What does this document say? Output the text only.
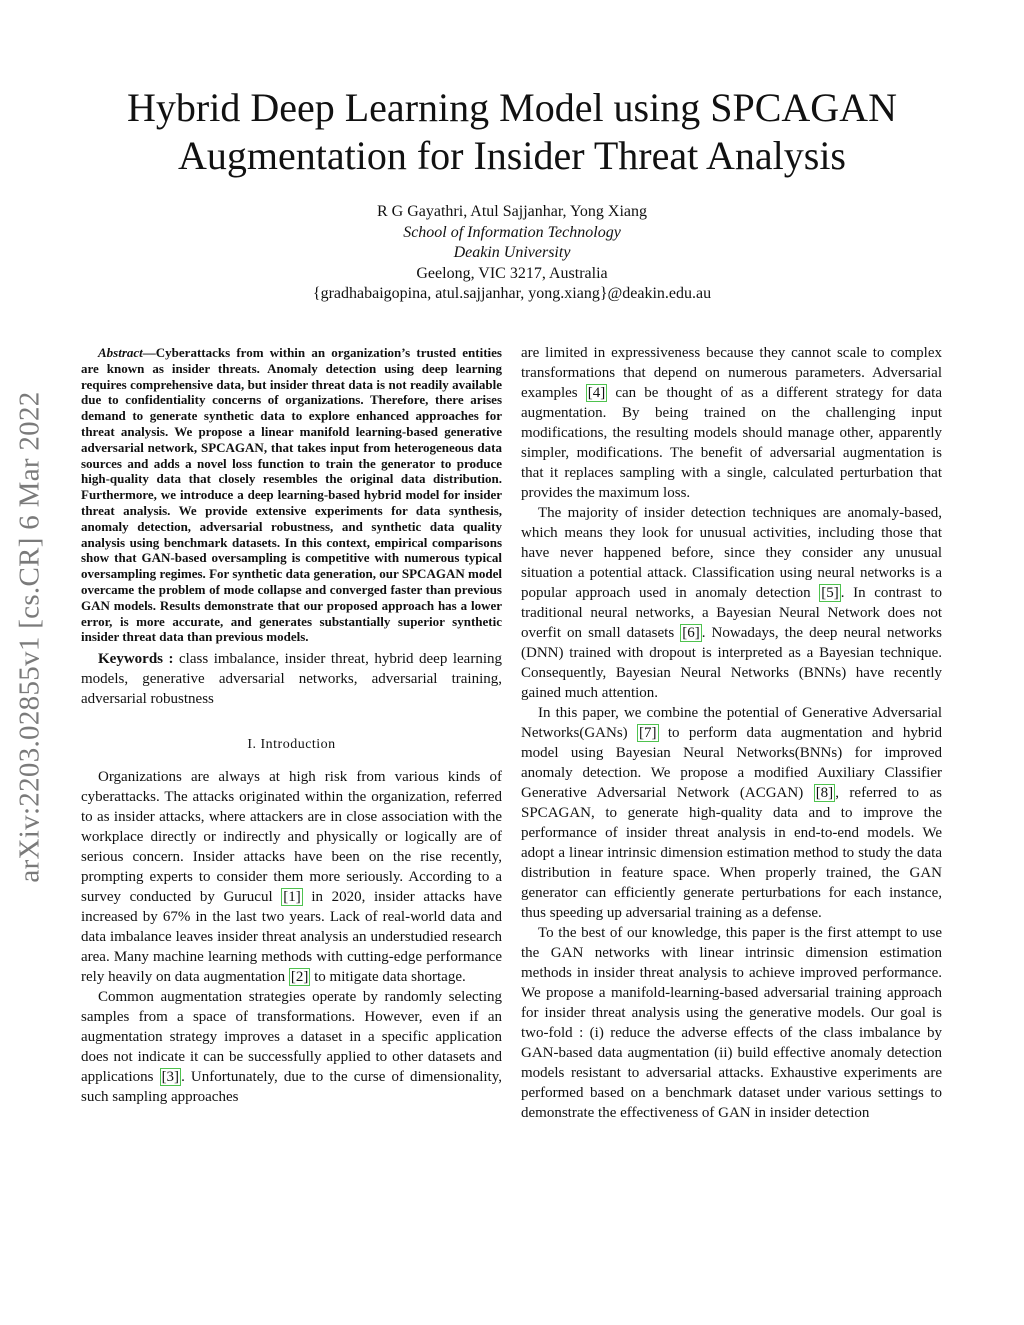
arXiv:2203.02855v1 [cs.CR] 6 Mar 2022
Hybrid Deep Learning Model using SPCAGAN
Augmentation for Insider Threat Analysis
R G Gayathri, Atul Sajjanhar, Yong Xiang
School of Information Technology
Deakin University
Geelong, VIC 3217, Australia
{gradhabaigopina, atul.sajjanhar, yong.xiang}@deakin.edu.au

Abstract—Cyberattacks from within an organization’s trusted entities are known as insider threats. Anomaly detection using deep learning requires comprehensive data, but insider threat data is not readily available due to confidentiality concerns of organizations. Therefore, there arises demand to generate synthetic data to explore enhanced approaches for threat analysis. We propose a linear manifold learning-based generative adversarial network, SPCAGAN, that takes input from heterogeneous data sources and adds a novel loss function to train the generator to produce high-quality data that closely resembles the original data distribution. Furthermore, we introduce a deep learning-based hybrid model for insider threat analysis. We provide extensive experiments for data synthesis, anomaly detection, adversarial robustness, and synthetic data quality analysis using benchmark datasets. In this context, empirical comparisons show that GAN-based oversampling is competitive with numerous typical oversampling regimes. For synthetic data generation, our SPCAGAN model overcame the problem of mode collapse and converged faster than previous GAN models. Results demonstrate that our proposed approach has a lower error, is more accurate, and generates substantially superior synthetic insider threat data than previous models.

Keywords : class imbalance, insider threat, hybrid deep learning models, generative adversarial networks, adversarial training, adversarial robustness

I. Introduction

Organizations are always at high risk from various kinds of cyberattacks. The attacks originated within the organization, referred to as insider attacks, where attackers are in close association with the workplace directly or indirectly and physically or logically are of serious concern. Insider attacks have been on the rise recently, prompting experts to consider them more seriously. According to a survey conducted by Gurucul [1] in 2020, insider attacks have increased by 67% in the last two years. Lack of real-world data and data imbalance leaves insider threat analysis an understudied research area. Many machine learning methods with cutting-edge performance rely heavily on data augmentation [2] to mitigate data shortage.

Common augmentation strategies operate by randomly selecting samples from a space of transformations. However, even if an augmentation strategy improves a dataset in a specific application does not indicate it can be successfully applied to other datasets and applications [3] . Unfortunately, due to the curse of dimensionality, such sampling approaches

are limited in expressiveness because they cannot scale to complex transformations that depend on numerous parameters. Adversarial examples [4] can be thought of as a different strategy for data augmentation. By being trained on the challenging input modifications, the resulting models should manage other, apparently simpler, modifications. The benefit of adversarial augmentation is that it replaces sampling with a single, calculated perturbation that provides the maximum loss.

The majority of insider detection techniques are anomaly-based, which means they look for unusual activities, including those that have never happened before, since they consider any unusual situation a potential attack. Classification using neural networks is a popular approach used in anomaly detection [5] . In contrast to traditional neural networks, a Bayesian Neural Network does not overfit on small datasets [6] . Nowadays, the deep neural networks (DNN) trained with dropout is interpreted as a Bayesian technique. Consequently, Bayesian Neural Networks (BNNs) have recently gained much attention.

In this paper, we combine the potential of Generative Adversarial Networks(GANs) [7] to perform data augmentation and hybrid model using Bayesian Neural Networks(BNNs) for improved anomaly detection. We propose a modified Auxiliary Classifier Generative Adversarial Network (ACGAN) [8] , referred to as SPCAGAN, to generate high-quality data and to improve the performance of insider threat analysis in end-to-end models. We adopt a linear intrinsic dimension estimation method to study the data distribution in feature space. When properly trained, the GAN generator can efficiently generate perturbations for each instance, thus speeding up adversarial training as a defense.

To the best of our knowledge, this paper is the first attempt to use the GAN networks with linear intrinsic dimension estimation methods in insider threat analysis to achieve improved performance. We propose a manifold-learning-based adversarial training approach for insider threat analysis using the generative models. Our goal is two-fold : (i) reduce the adverse effects of the class imbalance by GAN-based data augmentation (ii) build effective anomaly detection models resistant to adversarial attacks. Exhaustive experiments are performed based on a benchmark dataset under various settings to demonstrate the effectiveness of GAN in insider detection
